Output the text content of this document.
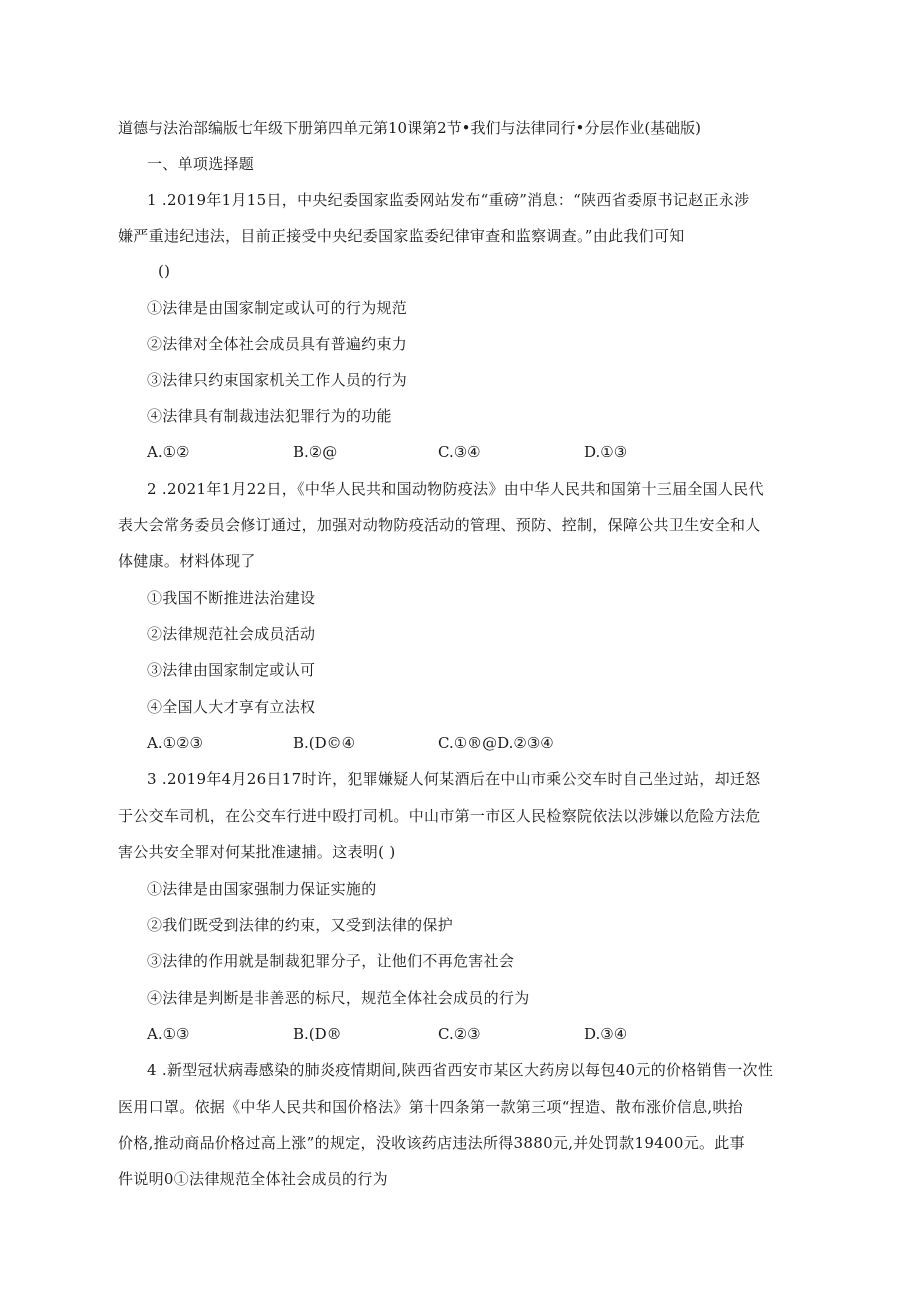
道德与法治部编版七年级下册第四单元第10课第2节•我们与法律同行•分层作业(基础版)
一、单项选择题
1 .2019年1月15日，中央纪委国家监委网站发布“重磅”消息：“陕西省委原书记赵正永涉
嫌严重违纪违法，目前正接受中央纪委国家监委纪律审查和监察调查。”由此我们可知
()
①法律是由国家制定或认可的行为规范
②法律对全体社会成员具有普遍约束力
③法律只约束国家机关工作人员的行为
④法律具有制裁违法犯罪行为的功能
A.①②	B.②@	C.③④	D.①③
2 .2021年1月22日，《中华人民共和国动物防疫法》由中华人民共和国第十三届全国人民代
表大会常务委员会修订通过，加强对动物防疫活动的管理、预防、控制，保障公共卫生安全和人
体健康。材料体现了
①我国不断推进法治建设
②法律规范社会成员活动
③法律由国家制定或认可
④全国人大才享有立法权
A.①②③	B.(D©④	C.①®@D.②③④
3 .2019年4月26日17时许，犯罪嫌疑人何某酒后在中山市乘公交车时自己坐过站，却迁怒
于公交车司机，在公交车行进中殴打司机。中山市第一市区人民检察院依法以涉嫌以危险方法危
害公共安全罪对何某批准逮捕。这表明( )
①法律是由国家强制力保证实施的
②我们既受到法律的约束，又受到法律的保护
③法律的作用就是制裁犯罪分子，让他们不再危害社会
④法律是判断是非善恶的标尺，规范全体社会成员的行为
A.①③	B.(D®	C.②③	D.③④
4 .新型冠状病毒感染的肺炎疫情期间,陕西省西安市某区大药房以每包40元的价格销售一次性
医用口罩。依据《中华人民共和国价格法》第十四条第一款第三项“捏造、散布涨价信息,哄抬
价格,推动商品价格过高上涨”的规定，没收该药店违法所得3880元,并处罚款19400元。此事
件说明0①法律规范全体社会成员的行为
